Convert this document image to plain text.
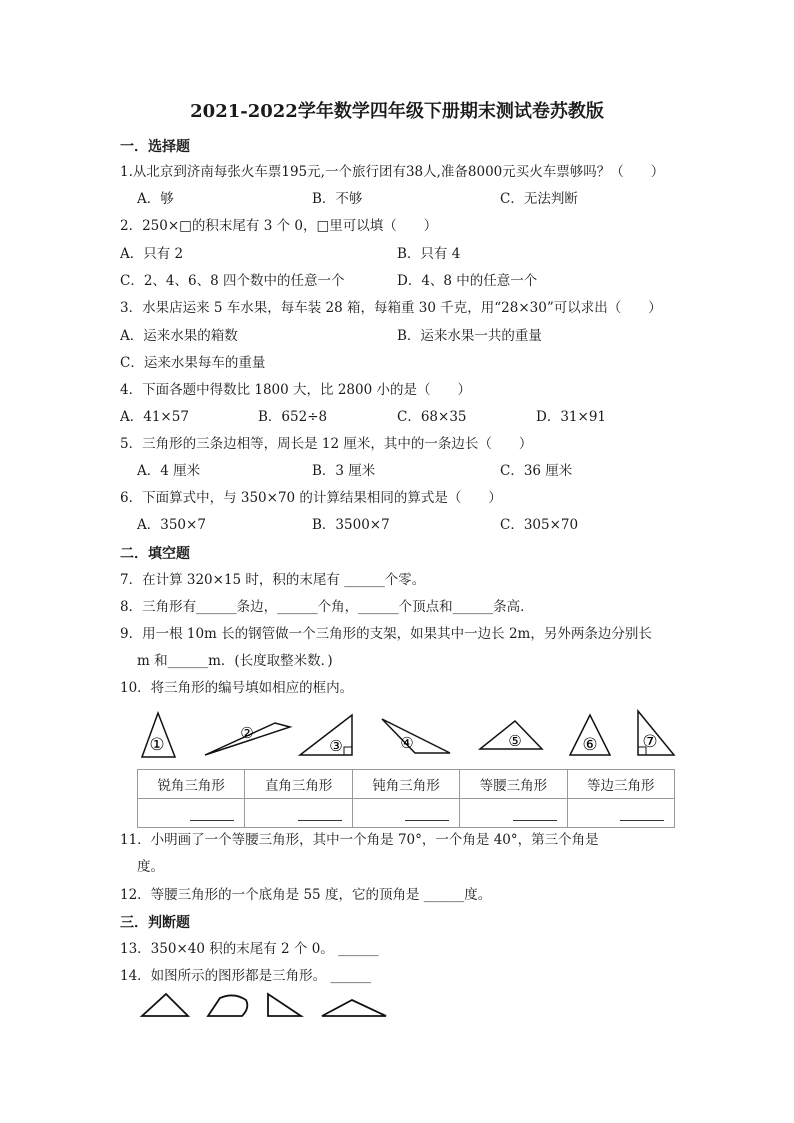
2021-2022学年数学四年级下册期末测试卷苏教版
一．选择题
1.从北京到济南每张火车票195元,一个旅行团有38人,准备8000元买火车票够吗？（　　）
A．够	B．不够	C．无法判断
2．250×□的积末尾有 3 个 0，□里可以填（　　）
A．只有 2	B．只有 4
C．2、4、6、8 四个数中的任意一个	D．4、8 中的任意一个
3．水果店运来 5 车水果，每车装 28 箱，每箱重 30 千克，用“28×30”可以求出（　　）
A．运来水果的箱数	B．运来水果一共的重量
C．运来水果每车的重量
4．下面各题中得数比 1800 大，比 2800 小的是（　　）
A．41×57	B．652÷8	C．68×35	D．31×91
5．三角形的三条边相等，周长是 12 厘米，其中的一条边长（　　）
A．4 厘米	B．3 厘米	C．36 厘米
6．下面算式中，与 350×70 的计算结果相同的算式是（　　）
A．350×7	B．3500×7	C．305×70
二．填空题
7．在计算 320×15 时，积的末尾有 ______个零。
8．三角形有______条边，______个角，______个顶点和______条高．
9．用一根 10m 长的钢管做一个三角形的支架，如果其中一边长 2m，另外两条边分别长
m 和______m．(长度取整米数．)
10．将三角形的编号填如相应的框内。
①
②
③	④	⑤	⑥	⑦
锐角三角形	直角三角形	钝角三角形	等腰三角形	等边三角形

11．小明画了一个等腰三角形，其中一个角是 70°，一个角是 40°，第三个角是
度。
12．等腰三角形的一个底角是 55 度，它的顶角是 ______度。
三．判断题
13．350×40 积的末尾有 2 个 0。 ______
14．如图所示的图形都是三角形。 ______
